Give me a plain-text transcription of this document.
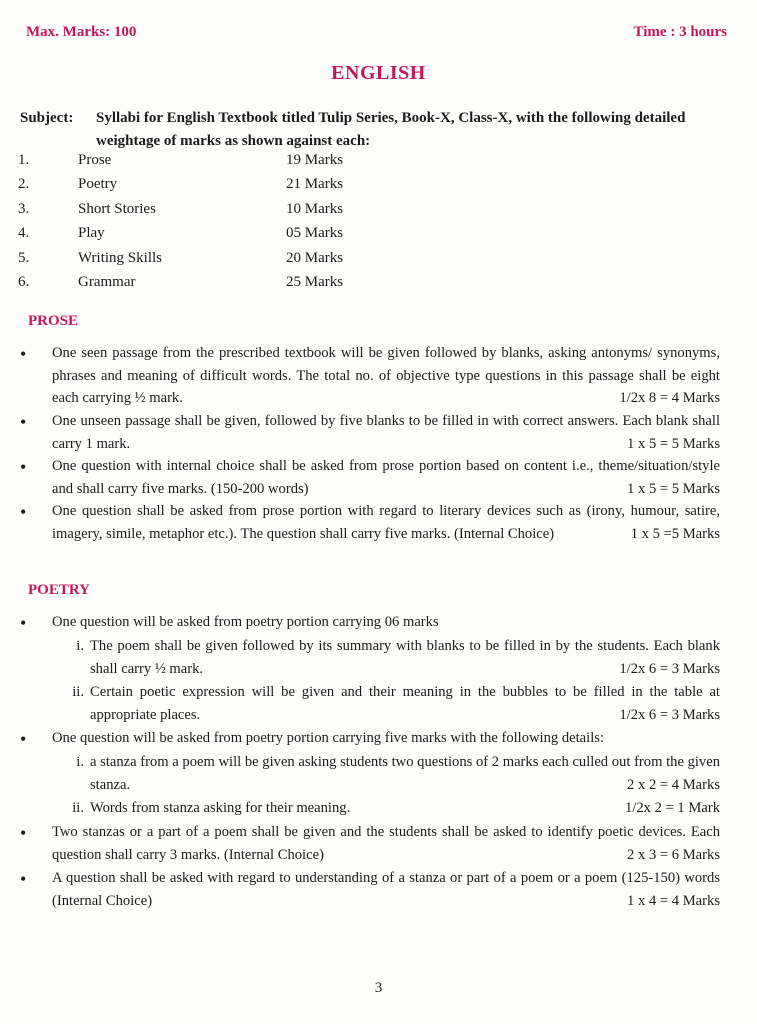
Max. Marks: 100	Time : 3 hours
ENGLISH
Subject: Syllabi for English Textbook titled Tulip Series, Book-X, Class-X, with the following detailed weightage of marks as shown against each:
1.	Prose	19 Marks
2.	Poetry	21 Marks
3.	Short Stories	10 Marks
4.	Play	05 Marks
5.	Writing Skills	20 Marks
6.	Grammar	25 Marks
PROSE
• One seen passage from the prescribed textbook will be given followed by blanks, asking antonyms/ synonyms, phrases and meaning of difficult words. The total no. of objective type questions in this passage shall be eight each carrying ½ mark.	1/2x 8 = 4 Marks
• One unseen passage shall be given, followed by five blanks to be filled in with correct answers. Each blank shall carry 1 mark.	1 x 5 = 5 Marks
• One question with internal choice shall be asked from prose portion based on content i.e., theme/situation/style and shall carry five marks. (150-200 words)	1 x 5 = 5 Marks
• One question shall be asked from prose portion with regard to literary devices such as (irony, humour, satire, imagery, simile, metaphor etc.). The question shall carry five marks. (Internal Choice)	1 x 5 =5 Marks
POETRY
• One question will be asked from poetry portion carrying 06 marks
i. The poem shall be given followed by its summary with blanks to be filled in by the students. Each blank shall carry ½ mark.	1/2x 6 = 3 Marks
ii. Certain poetic expression will be given and their meaning in the bubbles to be filled in the table at appropriate places.	1/2x 6 = 3 Marks
• One question will be asked from poetry portion carrying five marks with the following details:
i. a stanza from a poem will be given asking students two questions of 2 marks each culled out from the given stanza.	2 x 2 = 4 Marks
ii. Words from stanza asking for their meaning.	1/2x 2 = 1 Mark
• Two stanzas or a part of a poem shall be given and the students shall be asked to identify poetic devices. Each question shall carry 3 marks. (Internal Choice)	2 x 3 = 6 Marks
• A question shall be asked with regard to understanding of a stanza or part of a poem or a poem (125-150) words (Internal Choice)	1 x 4 = 4 Marks
3
